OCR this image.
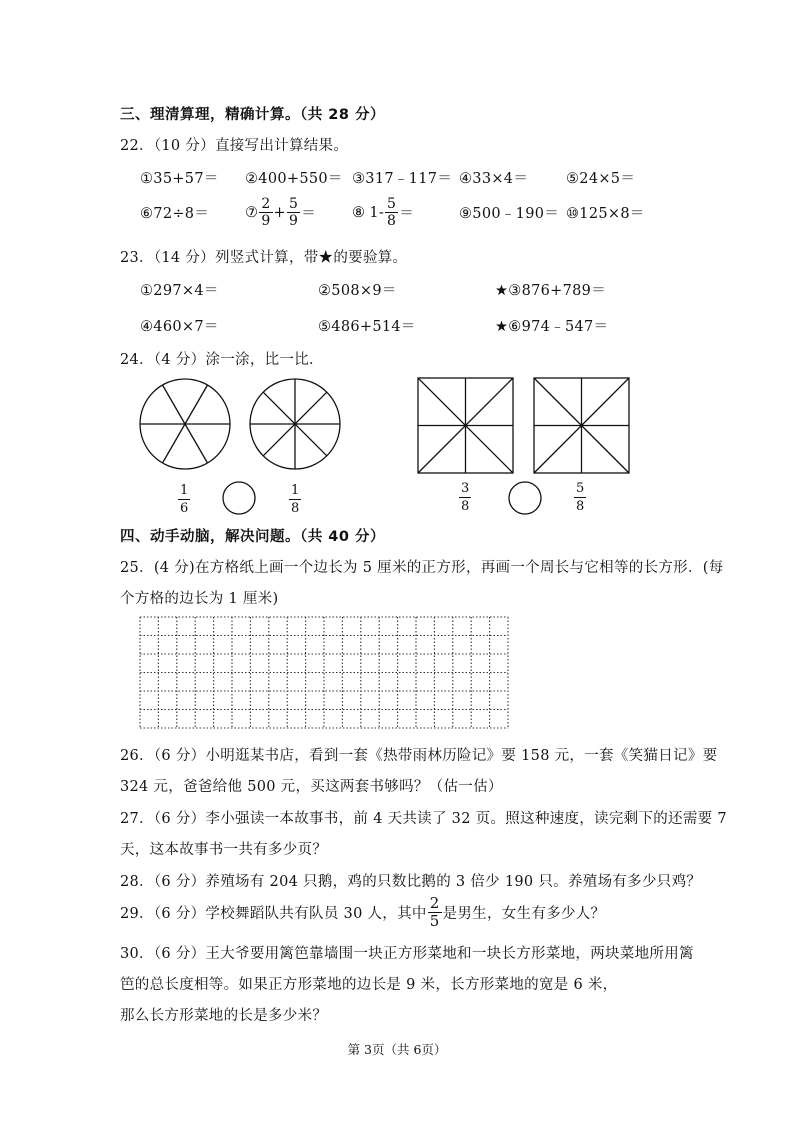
三、理清算理，精确计算。（共 28 分）
22．（10 分）直接写出计算结果。
①35+57＝ ②400+550＝ ③317﹣117＝ ④33×4＝	⑤24×5＝
⑥72÷8＝ ⑦ $\frac{2}{9} + \frac{5}{9}$ ＝ ⑧ $1- \frac{5}{8}$ ＝	⑨500﹣190＝ ⑩125×8＝
23．（14 分）列竖式计算，带★的要验算。
①297×4＝	②508×9＝	★③876+789＝
④460×7＝	⑤486+514＝	★⑥974﹣547＝
24．（4 分）涂一涂，比一比．
$\frac{1}{6}$	$\frac{1}{8}$	$\frac{3}{8}$	$\frac{5}{8}$
四、动手动脑，解决问题。（共 40 分）
25．(4 分)在方格纸上画一个边长为 5 厘米的正方形，再画一个周长与它相等的长方形．(每
个方格的边长为 1 厘米)
26．（6 分）小明逛某书店，看到一套《热带雨林历险记》要 158 元，一套《笑猫日记》要
324 元，爸爸给他 500 元，买这两套书够吗？（估一估）
27．（6 分）李小强读一本故事书，前 4 天共读了 32 页。照这种速度，读完剩下的还需要 7
天，这本故事书一共有多少页？
28．（6 分）养殖场有 204 只鹅，鸡的只数比鹅的 3 倍少 190 只。养殖场有多少只鸡？
29．（6 分）学校舞蹈队共有队员 30 人，其中 $\frac{2}{5}$ 是男生，女生有多少人？
30．（6 分）王大爷要用篱笆靠墙围一块正方形菜地和一块长方形菜地，两块菜地所用篱
笆的总长度相等。如果正方形菜地的边长是 9 米，长方形菜地的宽是 6 米，
那么长方形菜地的长是多少米？
第 3页（共 6页）
